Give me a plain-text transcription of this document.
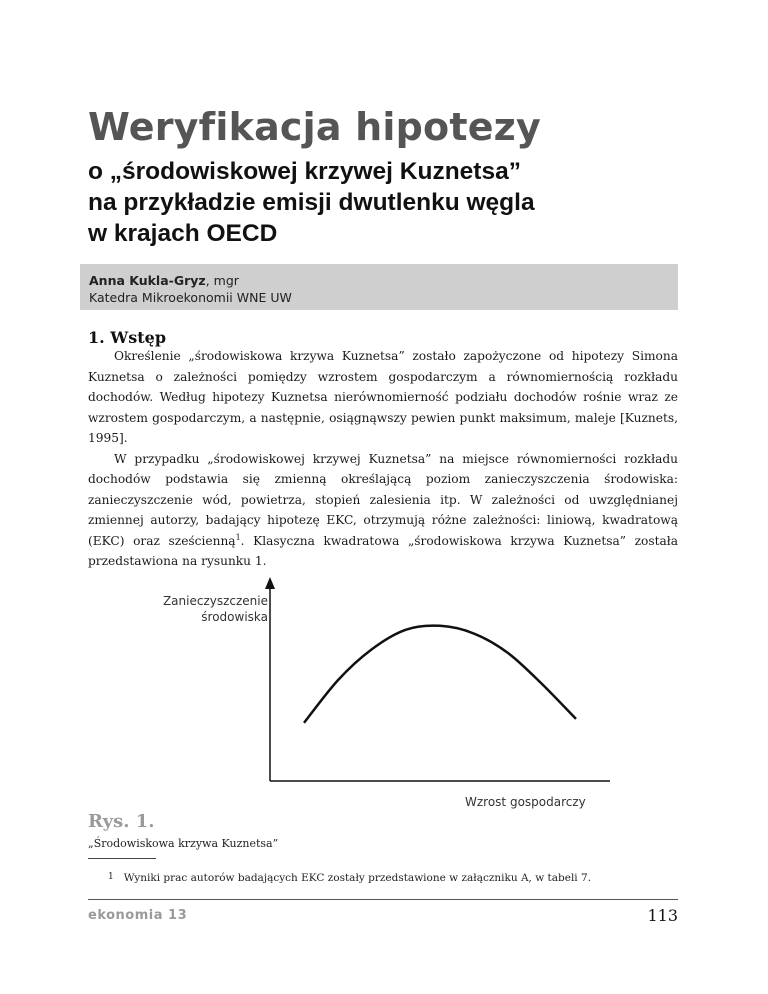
Weryfikacja hipotezy
o „środowiskowej krzywej Kuznetsa”
na przykładzie emisji dwutlenku węgla
w krajach OECD
Anna Kukla-Gryz, mgr
Katedra Mikroekonomii WNE UW
1. Wstęp

Określenie „środowiskowa krzywa Kuznetsa” zostało zapożyczone od hipotezy Simona Kuznetsa o zależności pomiędzy wzrostem gospodarczym a równomiernością rozkładu dochodów. Według hipotezy Kuznetsa nierównomierność podziału dochodów rośnie wraz ze wzrostem gospodarczym, a następnie, osiągnąwszy pewien punkt maksimum, maleje [Kuznets, 1995].

W przypadku „środowiskowej krzywej Kuznetsa” na miejsce równomierności rozkładu dochodów podstawia się zmienną określającą poziom zanieczyszczenia środowiska: zanieczyszczenie wód, powietrza, stopień zalesienia itp. W zależności od uwzględnianej zmiennej autorzy, badający hipotezę EKC, otrzymują różne zależności: liniową, kwadratową (EKC) oraz sześcienną$^1$. Klasyczna kwadratowa „środowiskowa krzywa Kuznetsa” została przedstawiona na rysunku 1.

Zanieczyszczenie
środowiska
Wzrost gospodarczy
Rys. 1.
„Środowiskowa krzywa Kuznetsa”
1 Wyniki prac autorów badających EKC zostały przedstawione w załączniku A, w tabeli 7.
ekonomia 13	113
